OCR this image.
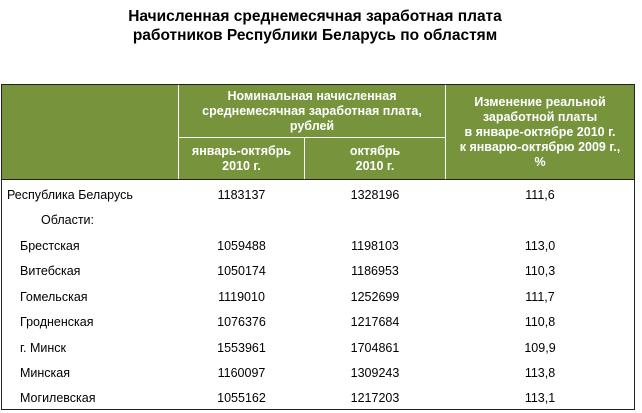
Начисленная среднемесячная заработная плата
работников Республики Беларусь по областям
Номинальная начисленная
среднемесячная заработная плата,
рублей
январь-октябрь
2010 г.
октябрь
2010 г.
Изменение реальной
заработной платы
в январе-октябре 2010 г.
к январю-октябрю 2009 г.,
%
Республика Беларусь	1183137	1328196	111,6
Области:
Брестская	1059488	1198103	113,0
Витебская	1050174	1186953	110,3
Гомельская	1119010	1252699	111,7
Гродненская	1076376	1217684	110,8
г. Минск	1553961	1704861	109,9
Минская	1160097	1309243	113,8
Могилевская	1055162	1217203	113,1
